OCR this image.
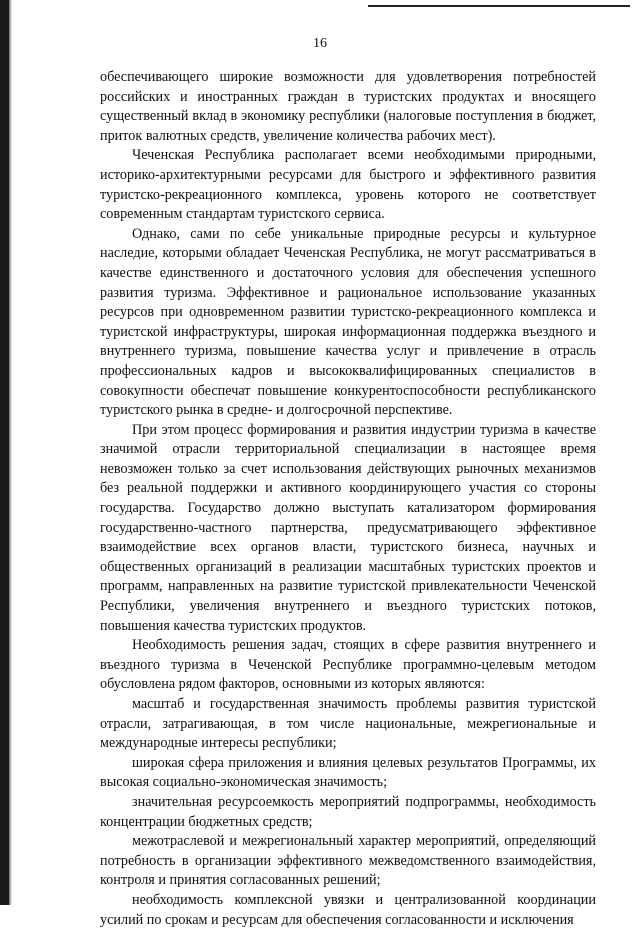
16

обеспечивающего широкие возможности для удовлетворения потребностей российских и иностранных граждан в туристских продуктах и вносящего существенный вклад в экономику республики (налоговые поступления в бюджет, приток валютных средств, увеличение количества рабочих мест).

Чеченская Республика располагает всеми необходимыми природными, историко-архитектурными ресурсами для быстрого и эффективного развития туристско-рекреационного комплекса, уровень которого не соответствует современным стандартам туристского сервиса.

Однако, сами по себе уникальные природные ресурсы и культурное наследие, которыми обладает Чеченская Республика, не могут рассматриваться в качестве единственного и достаточного условия для обеспечения успешного развития туризма. Эффективное и рациональное использование указанных ресурсов при одновременном развитии туристско-рекреационного комплекса и туристской инфраструктуры, широкая информационная поддержка въездного и внутреннего туризма, повышение качества услуг и привлечение в отрасль профессиональных кадров и высококвалифицированных специалистов в совокупности обеспечат повышение конкурентоспособности республиканского туристского рынка в средне- и долгосрочной перспективе.

При этом процесс формирования и развития индустрии туризма в качестве значимой отрасли территориальной специализации в настоящее время невозможен только за счет использования действующих рыночных механизмов без реальной поддержки и активного координирующего участия со стороны государства. Государство должно выступать катализатором формирования государственно-частного партнерства, предусматривающего эффективное взаимодействие всех органов власти, туристского бизнеса, научных и общественных организаций в реализации масштабных туристских проектов и программ, направленных на развитие туристской привлекательности Чеченской Республики, увеличения внутреннего и въездного туристских потоков, повышения качества туристских продуктов.

Необходимость решения задач, стоящих в сфере развития внутреннего и въездного туризма в Чеченской Республике программно-целевым методом обусловлена рядом факторов, основными из которых являются:

масштаб и государственная значимость проблемы развития туристской отрасли, затрагивающая, в том числе национальные, межрегиональные и международные интересы республики;

широкая сфера приложения и влияния целевых результатов Программы, их высокая социально-экономическая значимость;

значительная ресурсоемкость мероприятий подпрограммы, необходимость концентрации бюджетных средств;

межотраслевой и межрегиональный характер мероприятий, определяющий потребность в организации эффективного межведомственного взаимодействия, контроля и принятия согласованных решений;

необходимость комплексной увязки и централизованной координации усилий по срокам и ресурсам для обеспечения согласованности и исключения
